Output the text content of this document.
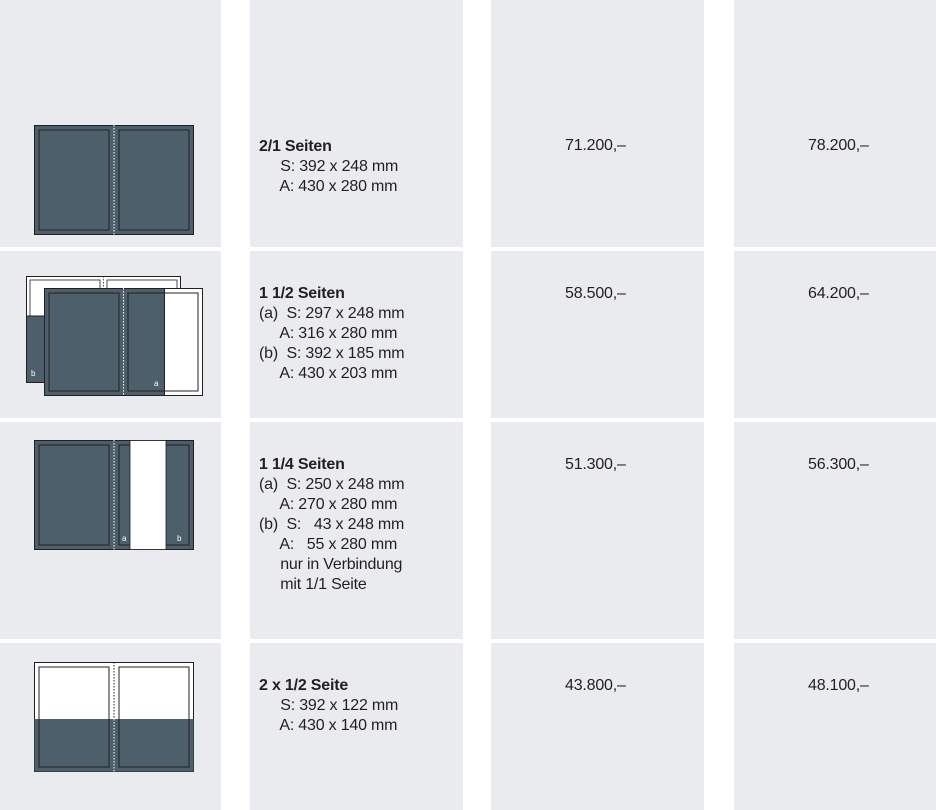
2/1 Seiten
S: 392 x 248 mm
A: 430 x 280 mm
71.200,–	78.200,–
b
a
1 1/2 Seiten
(a)  S: 297 x 248 mm
A: 316 x 280 mm
(b)  S: 392 x 185 mm
A: 430 x 203 mm
58.500,–	64.200,–
a	b
1 1/4 Seiten
(a)  S: 250 x 248 mm
A: 270 x 280 mm
(b)  S:   43 x 248 mm
A:   55 x 280 mm
nur in Verbindung
mit 1/1 Seite
51.300,–	56.300,–
2 x 1/2 Seite
S: 392 x 122 mm
A: 430 x 140 mm
43.800,–	48.100,–
